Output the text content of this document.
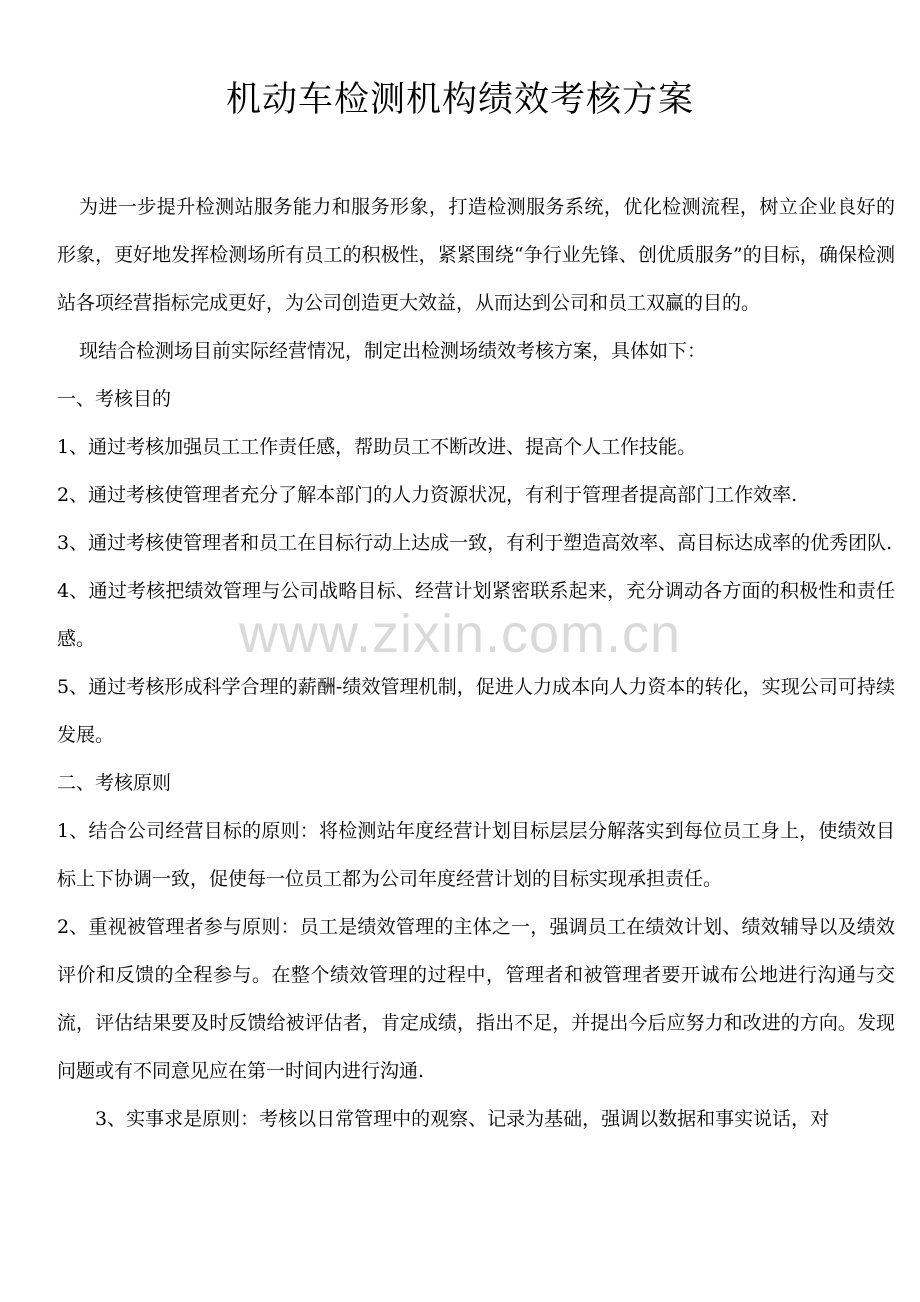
机动车检测机构绩效考核方案
www.zixin.com.cn

为进一步提升检测站服务能力和服务形象，打造检测服务系统，优化检测流程，树立企业良好的形象，更好地发挥检测场所有员工的积极性，紧紧围绕“争行业先锋、创优质服务”的目标，确保检测站各项经营指标完成更好，为公司创造更大效益，从而达到公司和员工双赢的目的。

现结合检测场目前实际经营情况，制定出检测场绩效考核方案，具体如下：

一、考核目的

1、通过考核加强员工工作责任感，帮助员工不断改进、提高个人工作技能。

2、通过考核使管理者充分了解本部门的人力资源状况，有利于管理者提高部门工作效率.

3、通过考核使管理者和员工在目标行动上达成一致，有利于塑造高效率、高目标达成率的优秀团队.

4、通过考核把绩效管理与公司战略目标、经营计划紧密联系起来，充分调动各方面的积极性和责任感。

5、通过考核形成科学合理的薪酬-绩效管理机制，促进人力成本向人力资本的转化，实现公司可持续发展。

二、考核原则

1、结合公司经营目标的原则：将检测站年度经营计划目标层层分解落实到每位员工身上，使绩效目标上下协调一致，促使每一位员工都为公司年度经营计划的目标实现承担责任。

2、重视被管理者参与原则：员工是绩效管理的主体之一，强调员工在绩效计划、绩效辅导以及绩效评价和反馈的全程参与。在整个绩效管理的过程中，管理者和被管理者要开诚布公地进行沟通与交流，评估结果要及时反馈给被评估者，肯定成绩，指出不足，并提出今后应努力和改进的方向。发现问题或有不同意见应在第一时间内进行沟通.

3、实事求是原则：考核以日常管理中的观察、记录为基础，强调以数据和事实说话，对
